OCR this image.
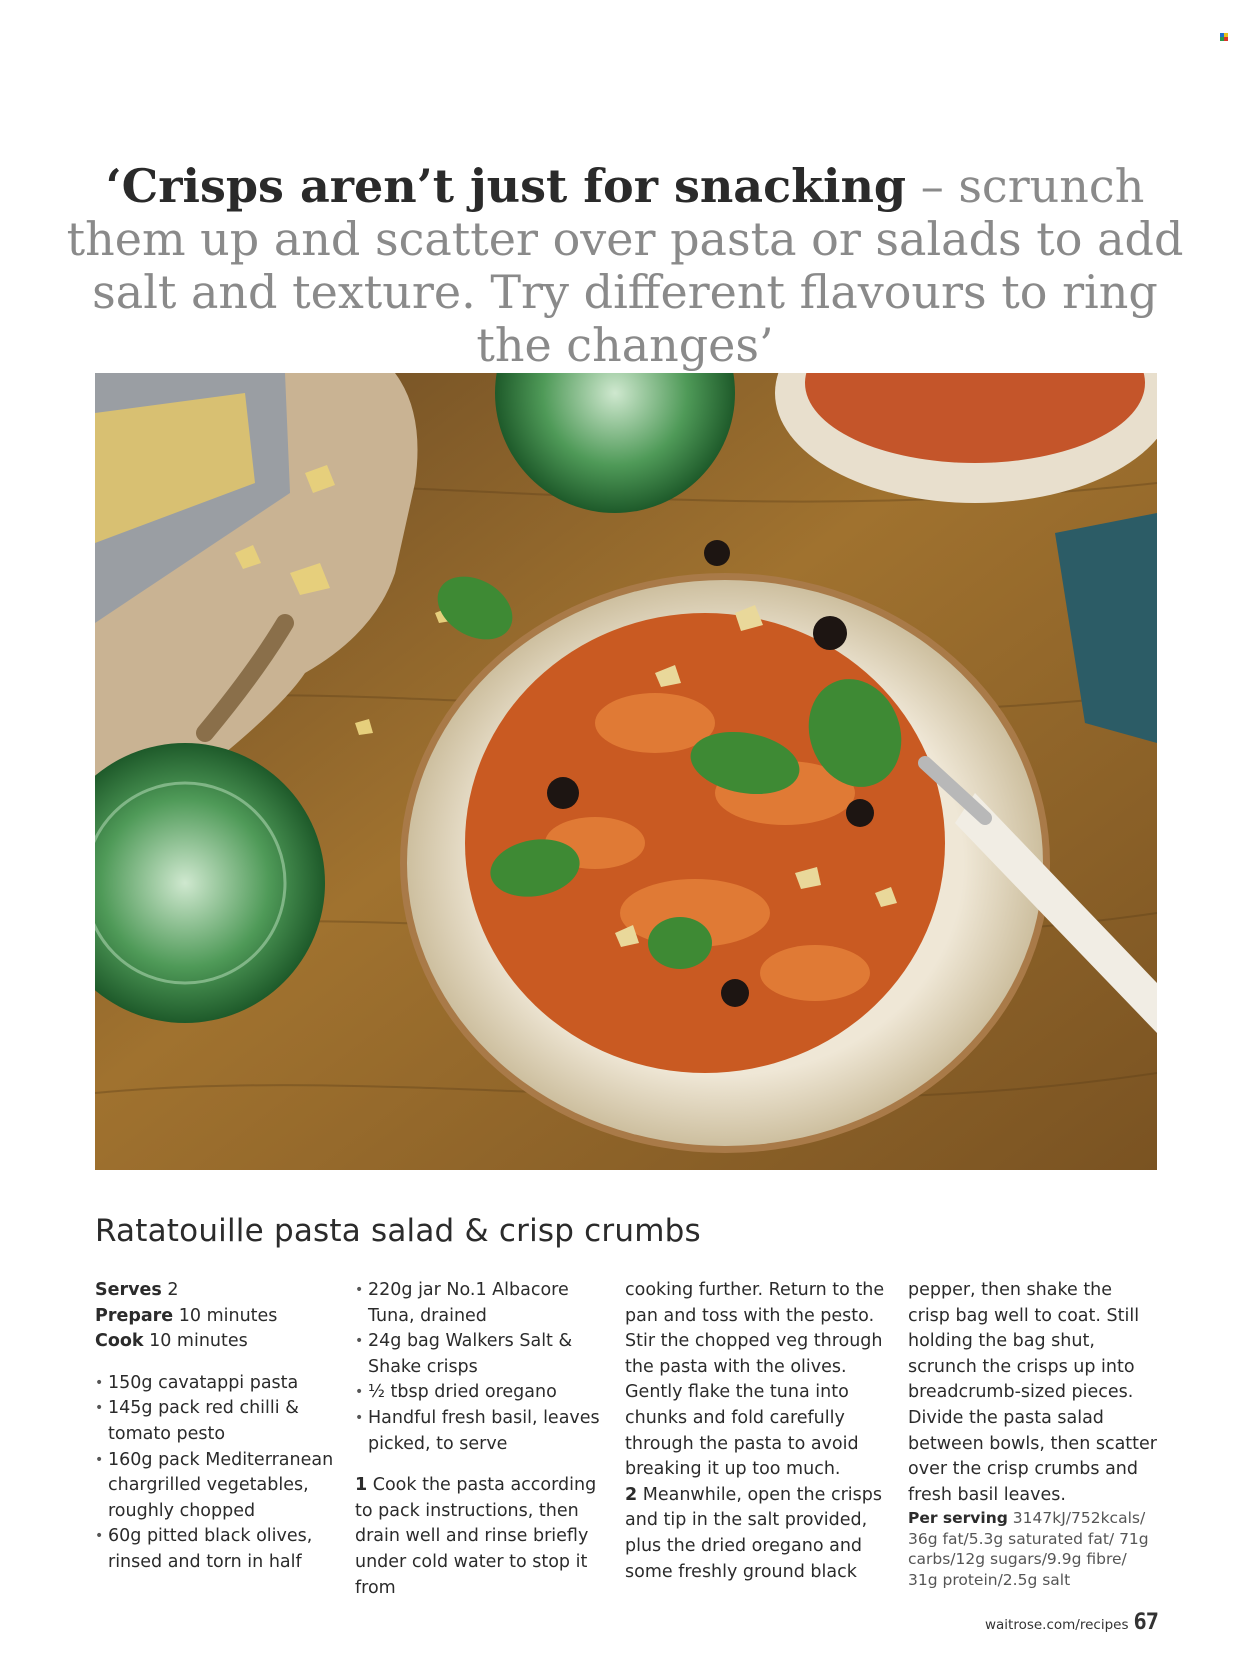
‘Crisps aren’t just for snacking – scrunch them up and scatter over pasta or salads to add salt and texture. Try different flavours to ring the changes’

Ratatouille pasta salad & crisp crumbs

Serves 2

Prepare 10 minutes

Cook 10 minutes

• 150g cavatappi pasta
• 145g pack red chilli & tomato pesto
• 160g pack Mediterranean chargrilled vegetables, roughly chopped
• 60g pitted black olives, rinsed and torn in half
• 220g jar No.1 Albacore Tuna, drained
• 24g bag Walkers Salt & Shake crisps
• ½ tbsp dried oregano
• Handful fresh basil, leaves picked, to serve

1 Cook the pasta according to pack instructions, then drain well and rinse briefly under cold water to stop it from

cooking further. Return to the pan and toss with the pesto. Stir the chopped veg through the pasta with the olives. Gently flake the tuna into chunks and fold carefully through the pasta to avoid breaking it up too much.

2 Meanwhile, open the crisps and tip in the salt provided, plus the dried oregano and some freshly ground black

pepper, then shake the crisp bag well to coat. Still holding the bag shut, scrunch the crisps up into breadcrumb-sized pieces. Divide the pasta salad between bowls, then scatter over the crisp crumbs and fresh basil leaves.

Per serving 3147kJ/752kcals/ 36g fat/5.3g saturated fat/ 71g carbs/12g sugars/9.9g fibre/ 31g protein/2.5g salt

waitrose.com/recipes 67
